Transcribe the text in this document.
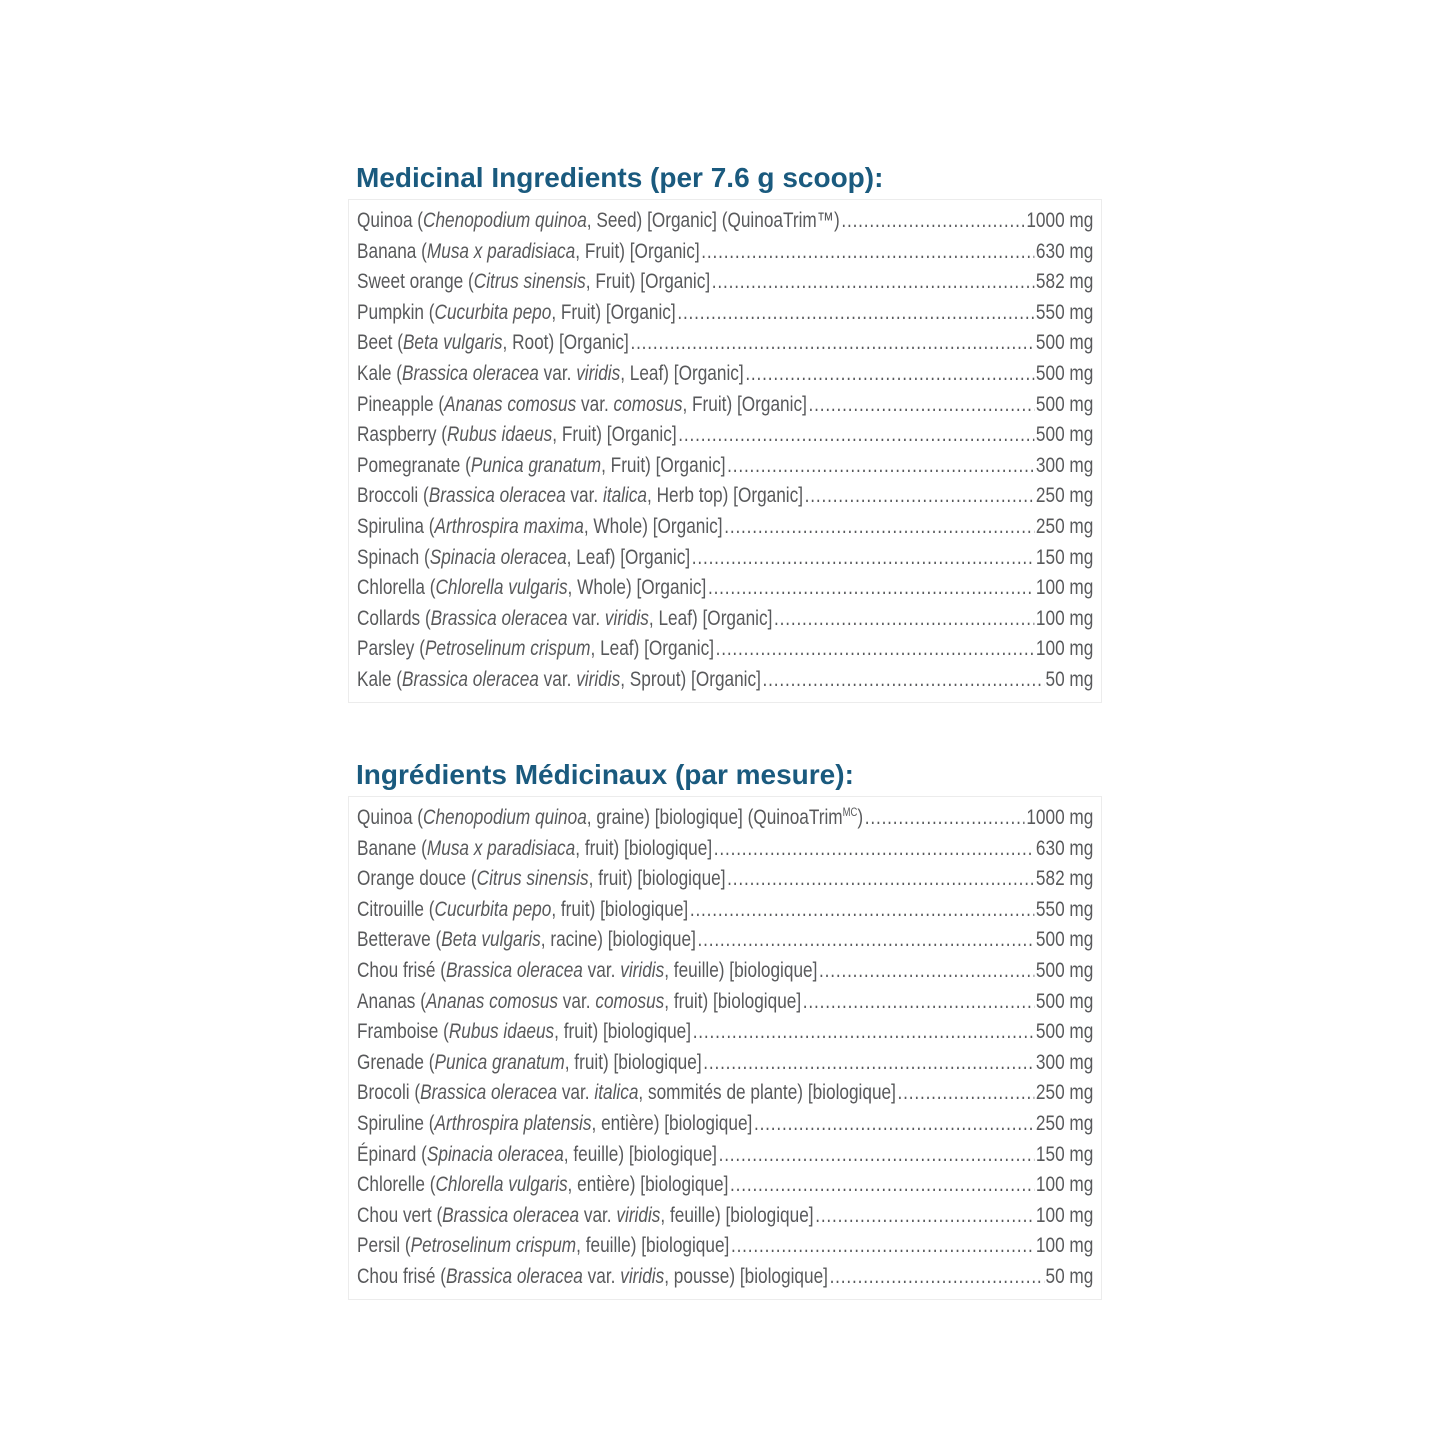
Medicinal Ingredients (per 7.6 g scoop):
Quinoa (Chenopodium quinoa, Seed) [Organic] (QuinoaTrim™) .....	1000 mg
Banana (Musa x paradisiaca, Fruit) [Organic] .....	630 mg
Sweet orange (Citrus sinensis, Fruit) [Organic] .....	582 mg
Pumpkin (Cucurbita pepo, Fruit) [Organic] .....	550 mg
Beet (Beta vulgaris, Root) [Organic] .....	500 mg
Kale (Brassica oleracea var. viridis, Leaf) [Organic] .....	500 mg
Pineapple (Ananas comosus var. comosus, Fruit) [Organic] .....	500 mg
Raspberry (Rubus idaeus, Fruit) [Organic] .....	500 mg
Pomegranate (Punica granatum, Fruit) [Organic] .....	300 mg
Broccoli (Brassica oleracea var. italica, Herb top) [Organic] .....	250 mg
Spirulina (Arthrospira maxima, Whole) [Organic] .....	250 mg
Spinach (Spinacia oleracea, Leaf) [Organic] .....	150 mg
Chlorella (Chlorella vulgaris, Whole) [Organic] .....	100 mg
Collards (Brassica oleracea var. viridis, Leaf) [Organic] .....	100 mg
Parsley (Petroselinum crispum, Leaf) [Organic] .....	100 mg
Kale (Brassica oleracea var. viridis, Sprout) [Organic] .....	50 mg
Ingrédients Médicinaux (par mesure):
Quinoa (Chenopodium quinoa, graine) [biologique] (QuinoaTrim$^{MC}$) .....	1000 mg
Banane (Musa x paradisiaca, fruit) [biologique] .....	630 mg
Orange douce (Citrus sinensis, fruit) [biologique] .....	582 mg
Citrouille (Cucurbita pepo, fruit) [biologique] .....	550 mg
Betterave (Beta vulgaris, racine) [biologique] .....	500 mg
Chou frisé (Brassica oleracea var. viridis, feuille) [biologique] .....	500 mg
Ananas (Ananas comosus var. comosus, fruit) [biologique] .....	500 mg
Framboise (Rubus idaeus, fruit) [biologique] .....	500 mg
Grenade (Punica granatum, fruit) [biologique] .....	300 mg
Brocoli (Brassica oleracea var. italica, sommités de plante) [biologique] .....	250 mg
Spiruline (Arthrospira platensis, entière) [biologique] .....	250 mg
Épinard (Spinacia oleracea, feuille) [biologique] .....	150 mg
Chlorelle (Chlorella vulgaris, entière) [biologique] .....	100 mg
Chou vert (Brassica oleracea var. viridis, feuille) [biologique] .....	100 mg
Persil (Petroselinum crispum, feuille) [biologique] .....	100 mg
Chou frisé (Brassica oleracea var. viridis, pousse) [biologique] .....	50 mg
